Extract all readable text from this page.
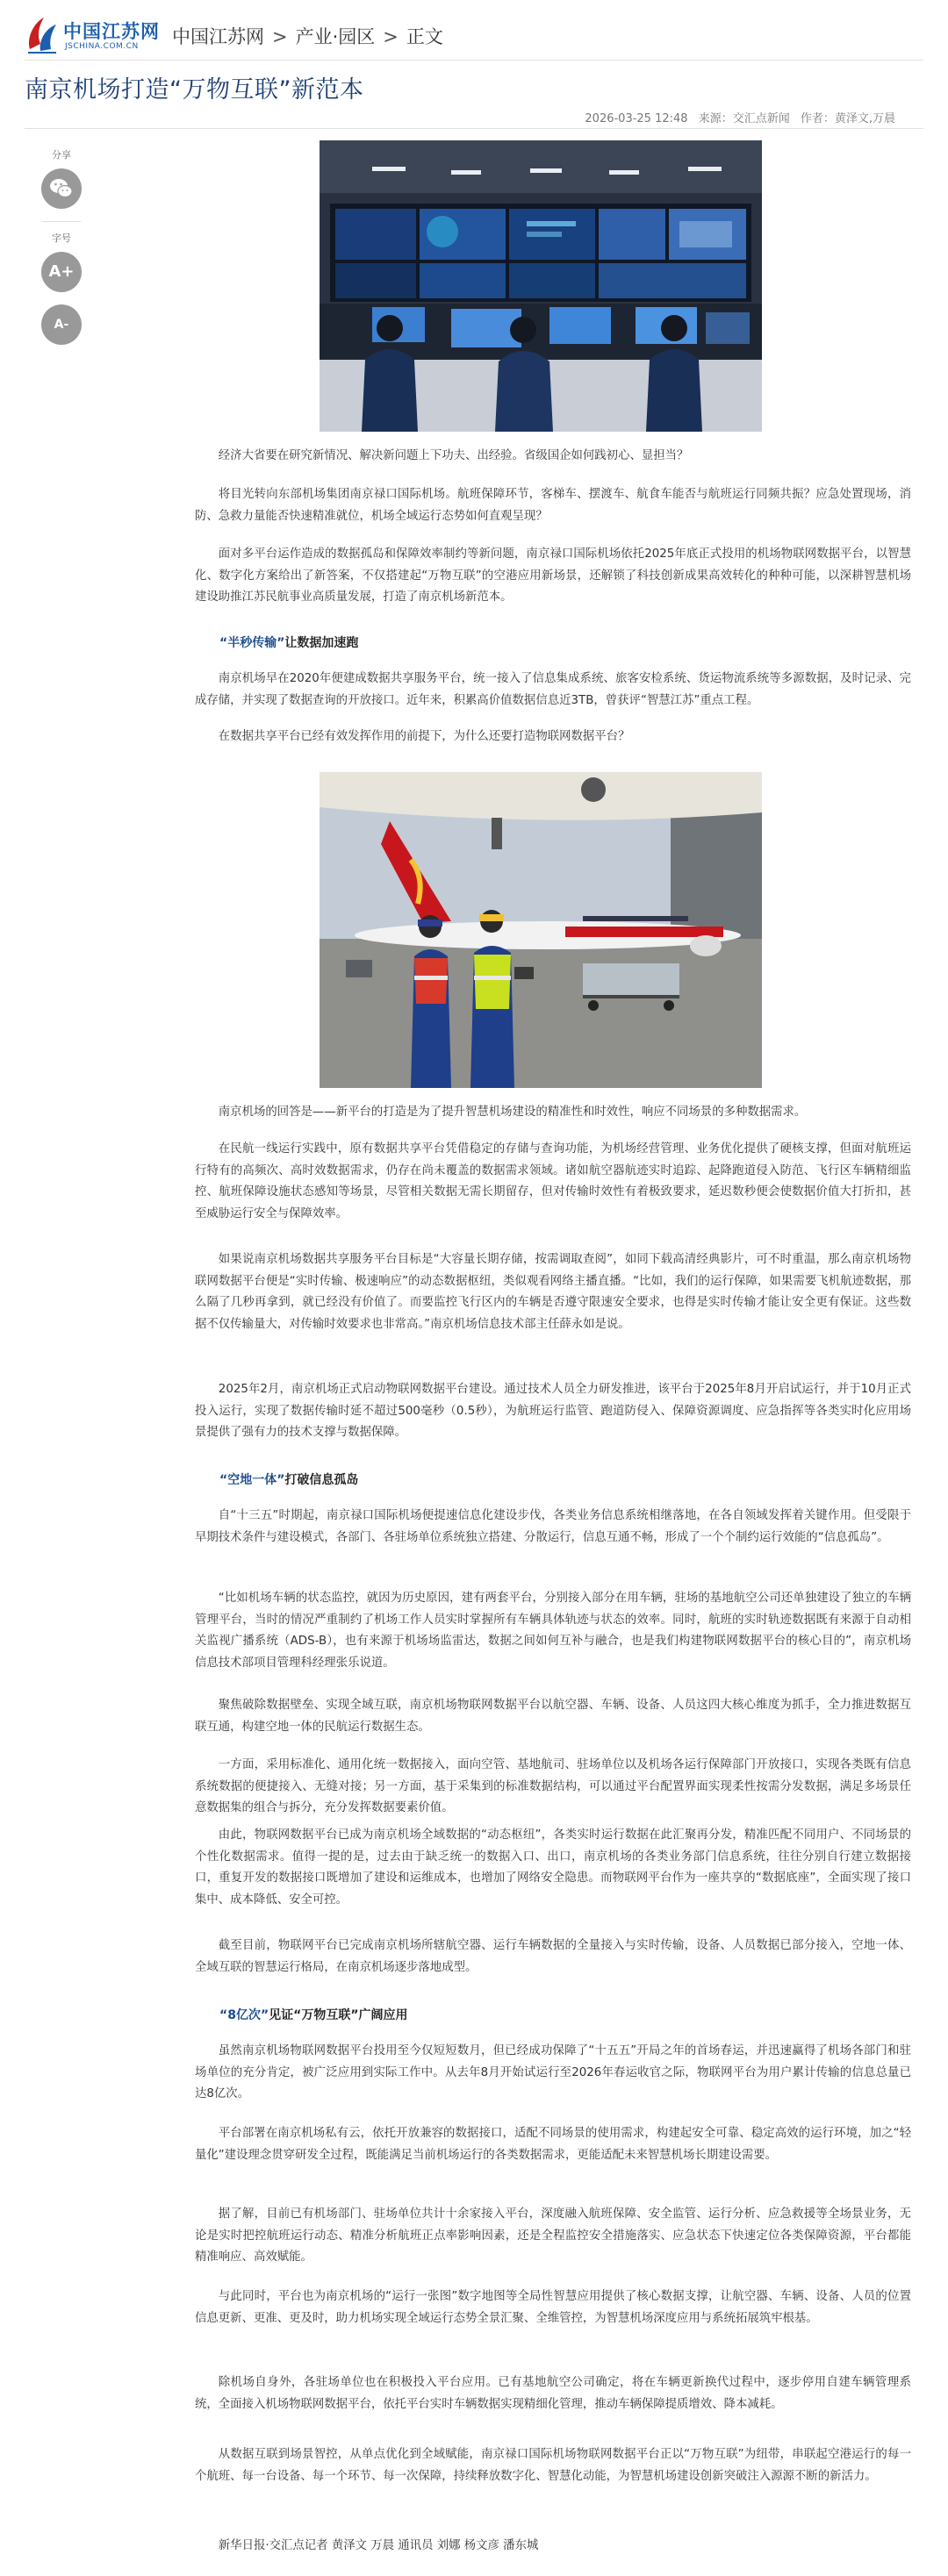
中国江苏网
JSCHINA.COM.CN 中国江苏网 > 产业·园区 > 正文
南京机场打造“万物互联”新范本
2026-03-25 12:48 来源：交汇点新闻 作者：黄泽文,万晨
分享
字号
A+
A-

经济大省要在研究新情况、解决新问题上下功夫、出经验。省级国企如何践初心、显担当？

将目光转向东部机场集团南京禄口国际机场。航班保障环节，客梯车、摆渡车、航食车能否与航班运行同频共振？应急处置现场，消防、急救力量能否快速精准就位，机场全域运行态势如何直观呈现？

面对多平台运作造成的数据孤岛和保障效率制约等新问题，南京禄口国际机场依托2025年底正式投用的机场物联网数据平台，以智慧化、数字化方案给出了新答案，不仅搭建起“万物互联”的空港应用新场景，还解锁了科技创新成果高效转化的种种可能，以深耕智慧机场建设助推江苏民航事业高质量发展，打造了南京机场新范本。

“半秒传输”让数据加速跑

南京机场早在2020年便建成数据共享服务平台，统一接入了信息集成系统、旅客安检系统、货运物流系统等多源数据，及时记录、完成存储，并实现了数据查询的开放接口。近年来，积累高价值数据信息近3TB，曾获评“智慧江苏”重点工程。

在数据共享平台已经有效发挥作用的前提下，为什么还要打造物联网数据平台？

南京机场的回答是——新平台的打造是为了提升智慧机场建设的精准性和时效性，响应不同场景的多种数据需求。

在民航一线运行实践中，原有数据共享平台凭借稳定的存储与查询功能，为机场经营管理、业务优化提供了硬核支撑，但面对航班运行特有的高频次、高时效数据需求，仍存在尚未覆盖的数据需求领域。诸如航空器航迹实时追踪、起降跑道侵入防范、飞行区车辆精细监控、航班保障设施状态感知等场景，尽管相关数据无需长期留存，但对传输时效性有着极致要求，延迟数秒便会使数据价值大打折扣，甚至威胁运行安全与保障效率。

如果说南京机场数据共享服务平台目标是“大容量长期存储，按需调取查阅”，如同下载高清经典影片，可不时重温，那么南京机场物联网数据平台便是“实时传输、极速响应”的动态数据枢纽，类似观看网络主播直播。“比如，我们的运行保障，如果需要飞机航迹数据，那么隔了几秒再拿到，就已经没有价值了。而要监控飞行区内的车辆是否遵守限速安全要求，也得是实时传输才能让安全更有保证。这些数据不仅传输量大，对传输时效要求也非常高。”南京机场信息技术部主任薛永如是说。

2025年2月，南京机场正式启动物联网数据平台建设。通过技术人员全力研发推进，该平台于2025年8月开启试运行，并于10月正式投入运行，实现了数据传输时延不超过500毫秒（0.5秒），为航班运行监管、跑道防侵入、保障资源调度、应急指挥等各类实时化应用场景提供了强有力的技术支撑与数据保障。

“空地一体”打破信息孤岛

自“十三五”时期起，南京禄口国际机场便提速信息化建设步伐，各类业务信息系统相继落地，在各自领域发挥着关键作用。但受限于早期技术条件与建设模式，各部门、各驻场单位系统独立搭建、分散运行，信息互通不畅，形成了一个个制约运行效能的“信息孤岛”。

“比如机场车辆的状态监控，就因为历史原因，建有两套平台，分别接入部分在用车辆，驻场的基地航空公司还单独建设了独立的车辆管理平台，当时的情况严重制约了机场工作人员实时掌握所有车辆具体轨迹与状态的效率。同时，航班的实时轨迹数据既有来源于自动相关监视广播系统（ADS-B），也有来源于机场场监雷达，数据之间如何互补与融合，也是我们构建物联网数据平台的核心目的”，南京机场信息技术部项目管理科经理张乐说道。

聚焦破除数据壁垒、实现全域互联，南京机场物联网数据平台以航空器、车辆、设备、人员这四大核心维度为抓手，全力推进数据互联互通，构建空地一体的民航运行数据生态。

一方面，采用标准化、通用化统一数据接入，面向空管、基地航司、驻场单位以及机场各运行保障部门开放接口，实现各类既有信息系统数据的便捷接入、无缝对接；另一方面，基于采集到的标准数据结构，可以通过平台配置界面实现柔性按需分发数据，满足多场景任意数据集的组合与拆分，充分发挥数据要素价值。

由此，物联网数据平台已成为南京机场全域数据的“动态枢纽”，各类实时运行数据在此汇聚再分发，精准匹配不同用户、不同场景的个性化数据需求。值得一提的是，过去由于缺乏统一的数据入口、出口，南京机场的各类业务部门信息系统，往往分别自行建立数据接口，重复开发的数据接口既增加了建设和运维成本，也增加了网络安全隐患。而物联网平台作为一座共享的“数据底座”，全面实现了接口集中、成本降低、安全可控。

截至目前，物联网平台已完成南京机场所辖航空器、运行车辆数据的全量接入与实时传输，设备、人员数据已部分接入，空地一体、全域互联的智慧运行格局，在南京机场逐步落地成型。

“8亿次”见证“万物互联”广阔应用

虽然南京机场物联网数据平台投用至今仅短短数月，但已经成功保障了“十五五”开局之年的首场春运，并迅速赢得了机场各部门和驻场单位的充分肯定，被广泛应用到实际工作中。从去年8月开始试运行至2026年春运收官之际，物联网平台为用户累计传输的信息总量已达8亿次。

平台部署在南京机场私有云，依托开放兼容的数据接口，适配不同场景的使用需求，构建起安全可靠、稳定高效的运行环境，加之“轻量化”建设理念贯穿研发全过程，既能满足当前机场运行的各类数据需求，更能适配未来智慧机场长期建设需要。

据了解，目前已有机场部门、驻场单位共计十余家接入平台，深度融入航班保障、安全监管、运行分析、应急救援等全场景业务，无论是实时把控航班运行动态、精准分析航班正点率影响因素，还是全程监控安全措施落实、应急状态下快速定位各类保障资源，平台都能精准响应、高效赋能。

与此同时，平台也为南京机场的“运行一张图”数字地图等全局性智慧应用提供了核心数据支撑，让航空器、车辆、设备、人员的位置信息更新、更准、更及时，助力机场实现全域运行态势全景汇聚、全维管控，为智慧机场深度应用与系统拓展筑牢根基。

除机场自身外，各驻场单位也在积极投入平台应用。已有基地航空公司确定，将在车辆更新换代过程中，逐步停用自建车辆管理系统，全面接入机场物联网数据平台，依托平台实时车辆数据实现精细化管理，推动车辆保障提质增效、降本减耗。

从数据互联到场景智控，从单点优化到全域赋能，南京禄口国际机场物联网数据平台正以“万物互联”为纽带，串联起空港运行的每一个航班、每一台设备、每一个环节、每一次保障，持续释放数字化、智慧化动能，为智慧机场建设创新突破注入源源不断的新活力。

新华日报·交汇点记者 黄泽文 万晨 通讯员 刘娜 杨文彦 潘东城
